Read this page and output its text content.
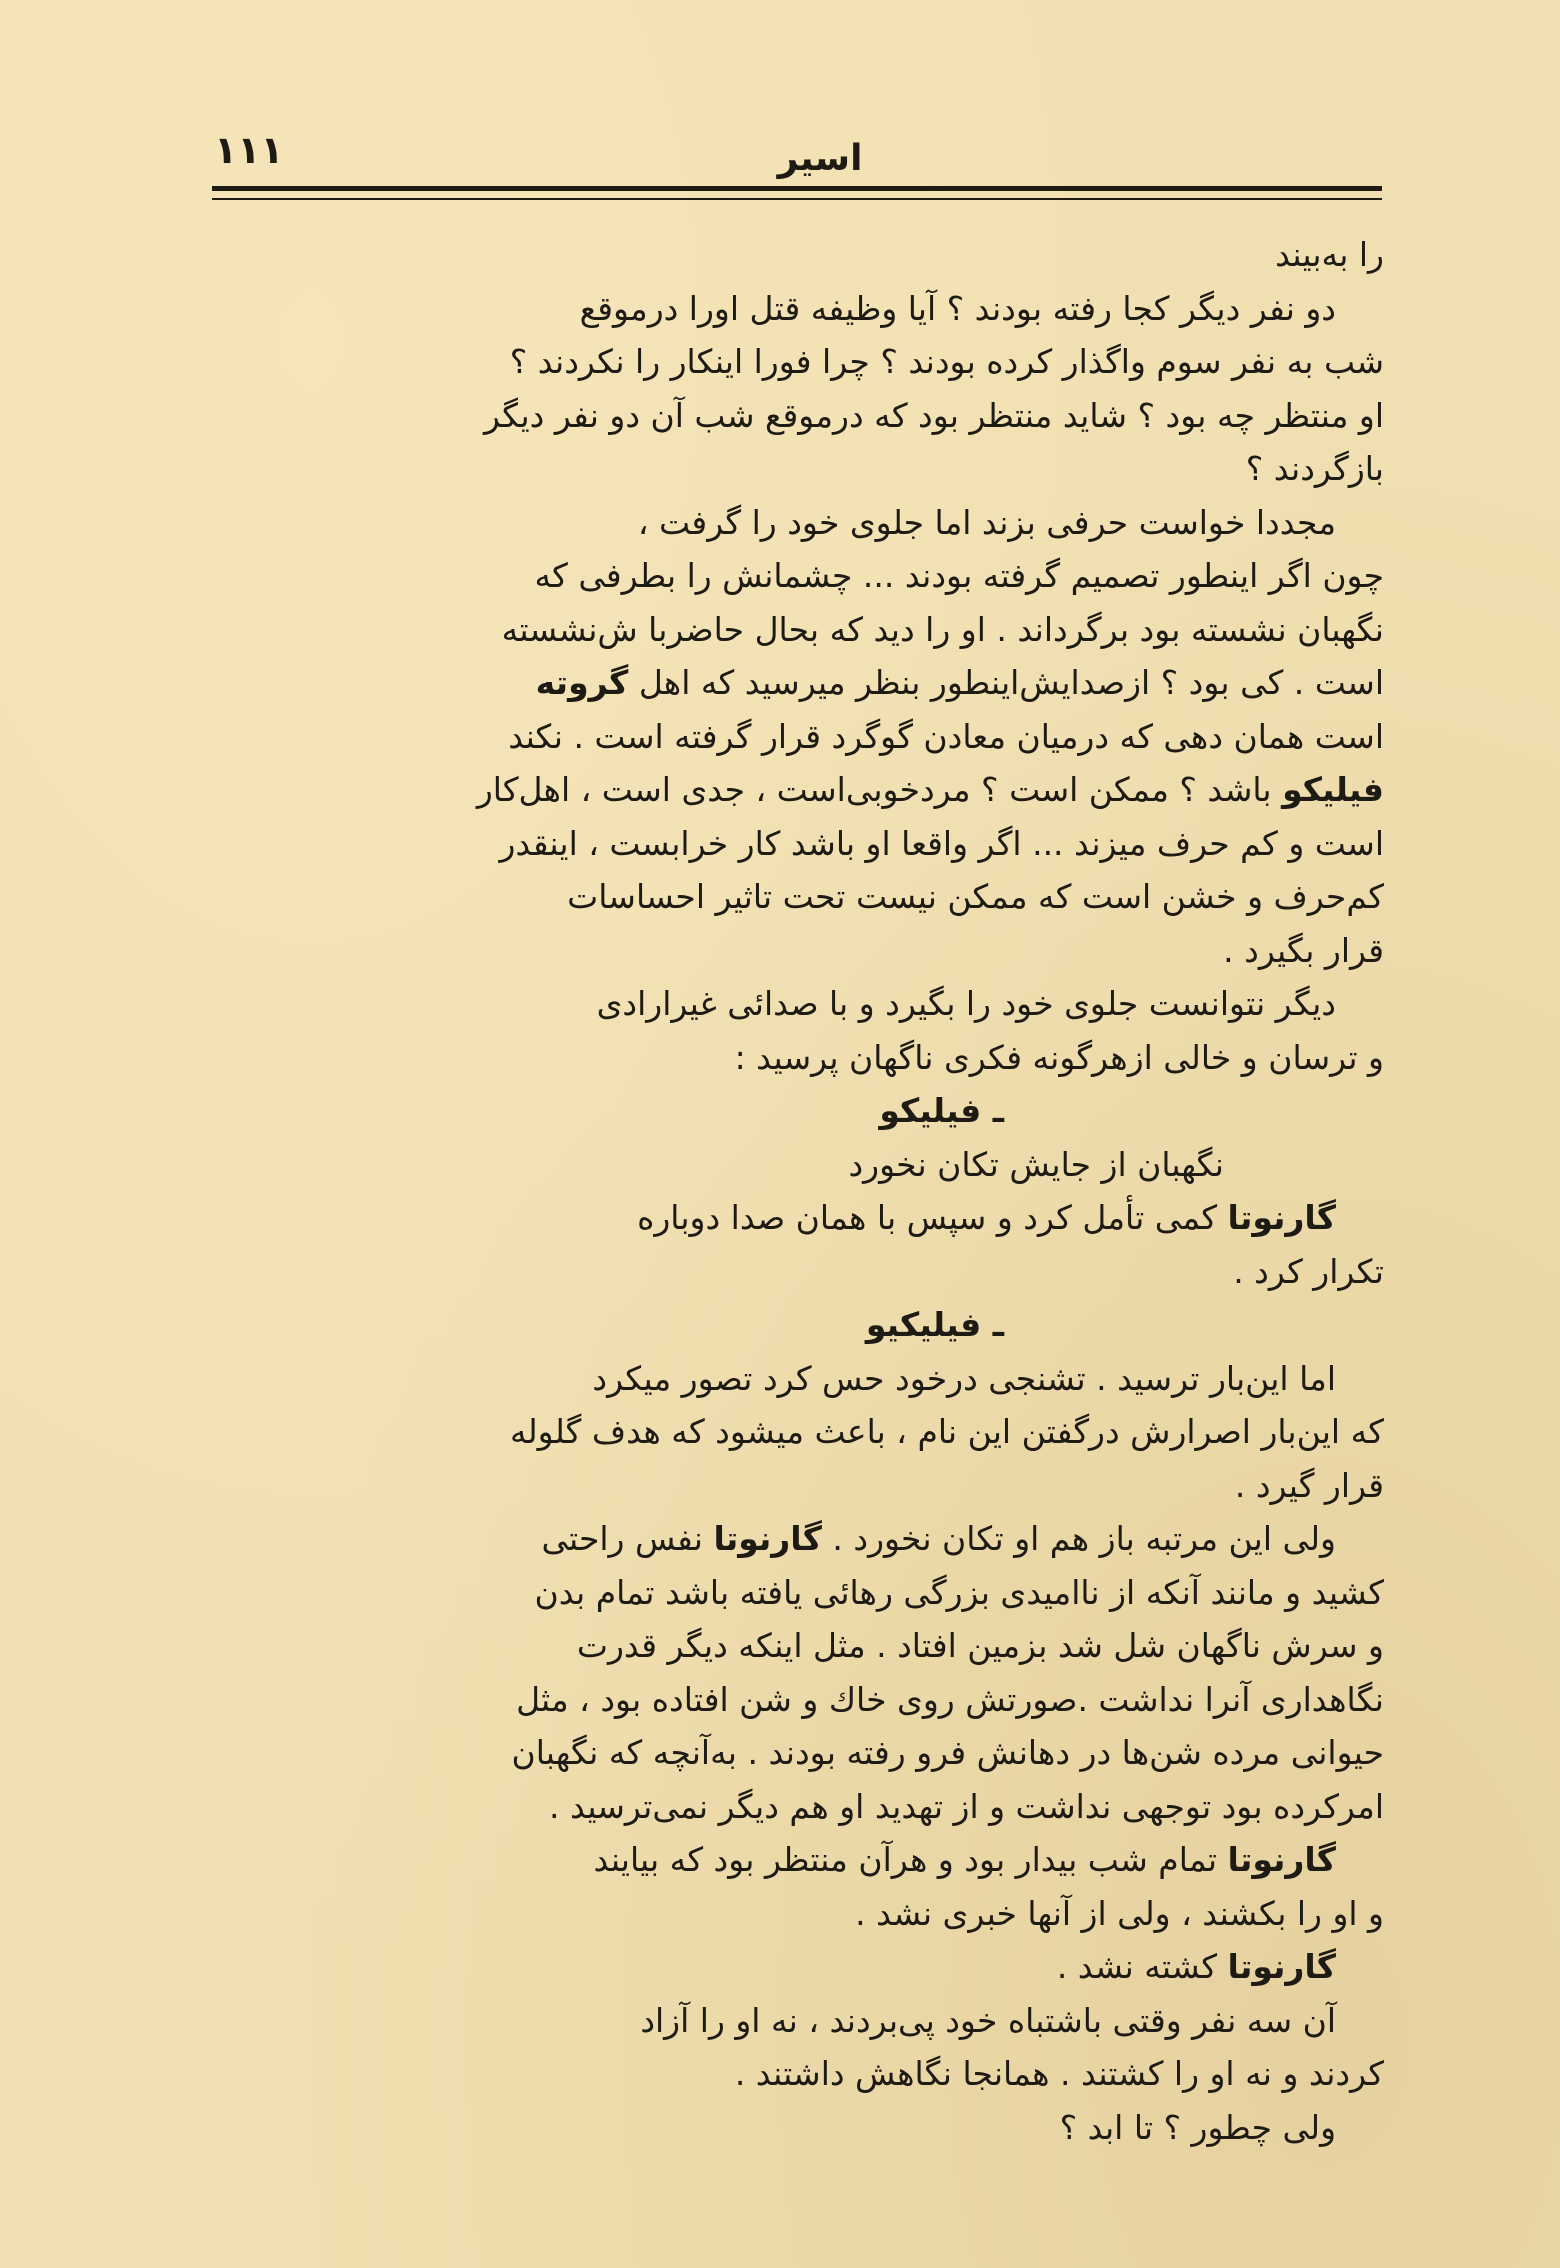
۱۱۱	اسیر

را به‌بیند
دو نفر دیگر کجا رفته بودند ؟ آیا وظیفه قتل اورا درموقع
شب به نفر سوم واگذار کرده بودند ؟ چرا فورا اینکار را نکردند ؟
او منتظر چه بود ؟ شاید منتظر بود که درموقع شب آن دو نفر دیگر
بازگردند ؟
مجددا خواست حرفی بزند اما جلوی خود را گرفت ،
چون اگر اینطور تصمیم گرفته بودند ... چشمانش را بطرفی که
نگهبان نشسته بود برگرداند . او را دید که بحال حاضربا ش‌نشسته
است . کی بود ؟ ازصدایش‌اینطور بنظر میرسید که اهل گروته
است همان دهی که درمیان معادن گوگرد قرار گرفته است . نکند
فیلیکو باشد ؟ ممکن است ؟ مردخوبی‌است ، جدی است ، اهل‌کار
است و کم حرف میزند ... اگر واقعا او باشد کار خرابست ، اینقدر
کم‌حرف و خشن است که ممکن نیست تحت تاثیر احساسات
قرار بگیرد .
دیگر نتوانست جلوی خود را بگیرد و با صدائی غیرارادی
و ترسان و خالی ازهرگونه فکری ناگهان پرسید :
ـ فیلیکو
نگهبان از جایش تکان نخورد
گارنوتا کمی تأمل کرد و سپس با همان صدا دوباره
تکرار کرد .
ـ فیلیکیو
اما این‌بار ترسید . تشنجی درخود حس کرد تصور میکرد
که این‌بار اصرارش درگفتن این نام ، باعث میشود که هدف گلوله
قرار گیرد .
ولی این مرتبه باز هم او تکان نخورد . گارنوتا نفس راحتی
کشید و مانند آنکه از ناامیدی بزرگی رهائی یافته باشد تمام بدن
و سرش ناگهان شل شد بزمین افتاد . مثل اینکه دیگر قدرت
نگاهداری آنرا نداشت .صورتش روی خاك و شن افتاده بود ، مثل
حیوانی مرده شن‌ها در دهانش فرو رفته بودند . به‌آنچه که نگهبان
امرکرده بود توجهی نداشت و از تهدید او هم دیگر نمی‌ترسید .
گارنوتا تمام شب بیدار بود و هرآن منتظر بود که بیایند
و او را بکشند ، ولی از آنها خبری نشد .
گارنوتا کشته نشد .
آن سه نفر وقتی باشتباه خود پی‌بردند ، نه او را آزاد
کردند و نه او را کشتند . همانجا نگاهش داشتند .
ولی چطور ؟ تا ابد ؟
